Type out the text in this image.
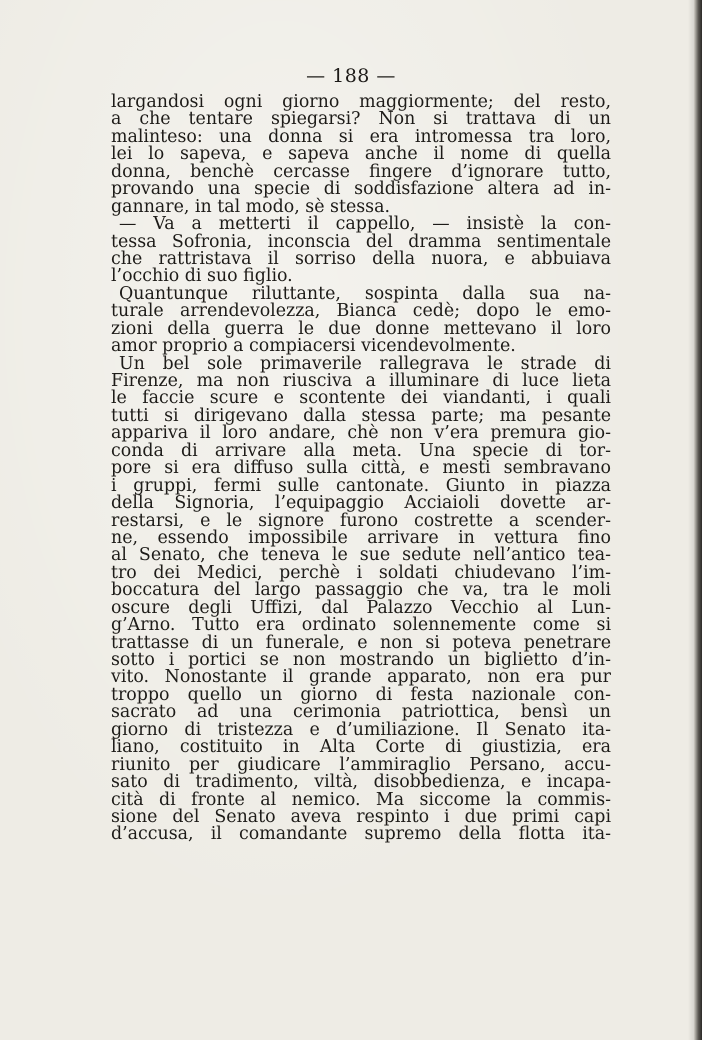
— 188 —
largandosi ogni giorno maggiormente; del resto,
a che tentare spiegarsi? Non si trattava di un
malinteso: una donna si era intromessa tra loro,
lei lo sapeva, e sapeva anche il nome di quella
donna, benchè cercasse fingere d’ignorare tutto,
provando una specie di soddisfazione altera ad in-
gannare, in tal modo, sè stessa.
— Va a metterti il cappello, — insistè la con-
tessa Sofronia, inconscia del dramma sentimentale
che rattristava il sorriso della nuora, e abbuiava
l’occhio di suo figlio.
Quantunque riluttante, sospinta dalla sua na-
turale arrendevolezza, Bianca cedè; dopo le emo-
zioni della guerra le due donne mettevano il loro
amor proprio a compiacersi vicendevolmente.
Un bel sole primaverile rallegrava le strade di
Firenze, ma non riusciva a illuminare di luce lieta
le faccie scure e scontente dei viandanti, i quali
tutti si dirigevano dalla stessa parte; ma pesante
appariva il loro andare, chè non v’era premura gio-
conda di arrivare alla meta. Una specie di tor-
pore si era diffuso sulla città, e mesti sembravano
i gruppi, fermi sulle cantonate. Giunto in piazza
della Signoria, l’equipaggio Acciaioli dovette ar-
restarsi, e le signore furono costrette a scender-
ne, essendo impossibile arrivare in vettura fino
al Senato, che teneva le sue sedute nell’antico tea-
tro dei Medici, perchè i soldati chiudevano l’im-
boccatura del largo passaggio che va, tra le moli
oscure degli Uffizi, dal Palazzo Vecchio al Lun-
g’Arno. Tutto era ordinato solennemente come si
trattasse di un funerale, e non si poteva penetrare
sotto i portici se non mostrando un biglietto d’in-
vito. Nonostante il grande apparato, non era pur
troppo quello un giorno di festa nazionale con-
sacrato ad una cerimonia patriottica, bensì un
giorno di tristezza e d’umiliazione. Il Senato ita-
liano, costituito in Alta Corte di giustizia, era
riunito per giudicare l’ammiraglio Persano, accu-
sato di tradimento, viltà, disobbedienza, e incapa-
cità di fronte al nemico. Ma siccome la commis-
sione del Senato aveva respinto i due primi capi
d’accusa, il comandante supremo della flotta ita-
